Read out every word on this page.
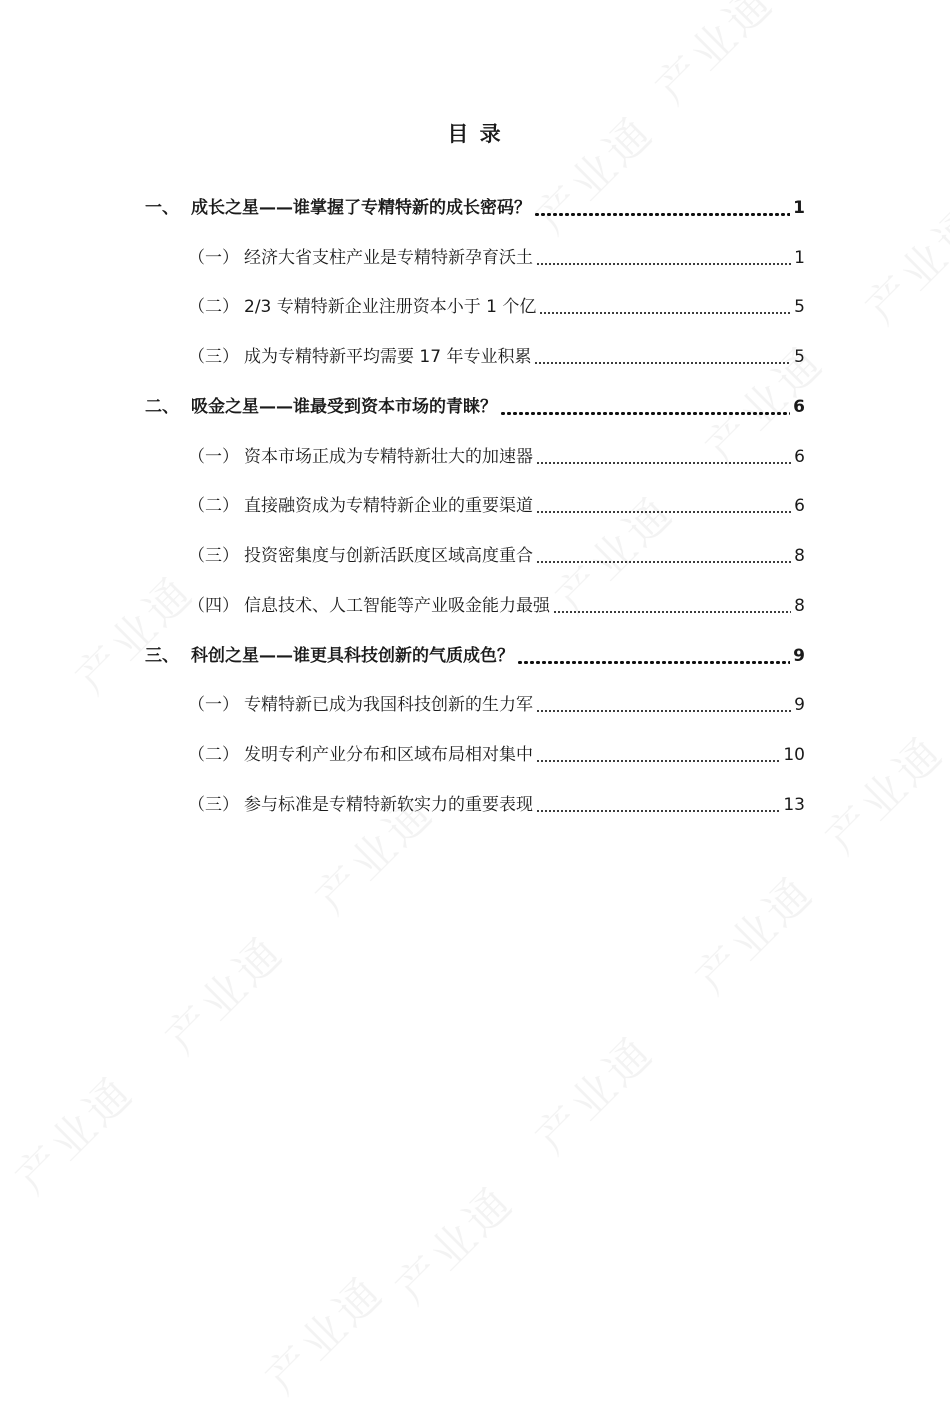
目 录
一、 成长之星——谁掌握了专精特新的成长密码？	1
（一） 经济大省支柱产业是专精特新孕育沃土	1
（二） 2/3 专精特新企业注册资本小于 1 个亿	5
（三） 成为专精特新平均需要 17 年专业积累	5
二、 吸金之星——谁最受到资本市场的青睐？	6
（一） 资本市场正成为专精特新壮大的加速器	6
（二） 直接融资成为专精特新企业的重要渠道	6
（三） 投资密集度与创新活跃度区域高度重合	8
（四） 信息技术、人工智能等产业吸金能力最强	8
三、 科创之星——谁更具科技创新的气质成色？	9
（一） 专精特新已成为我国科技创新的生力军	9
（二） 发明专利产业分布和区域布局相对集中	10
（三） 参与标准是专精特新软实力的重要表现	13
